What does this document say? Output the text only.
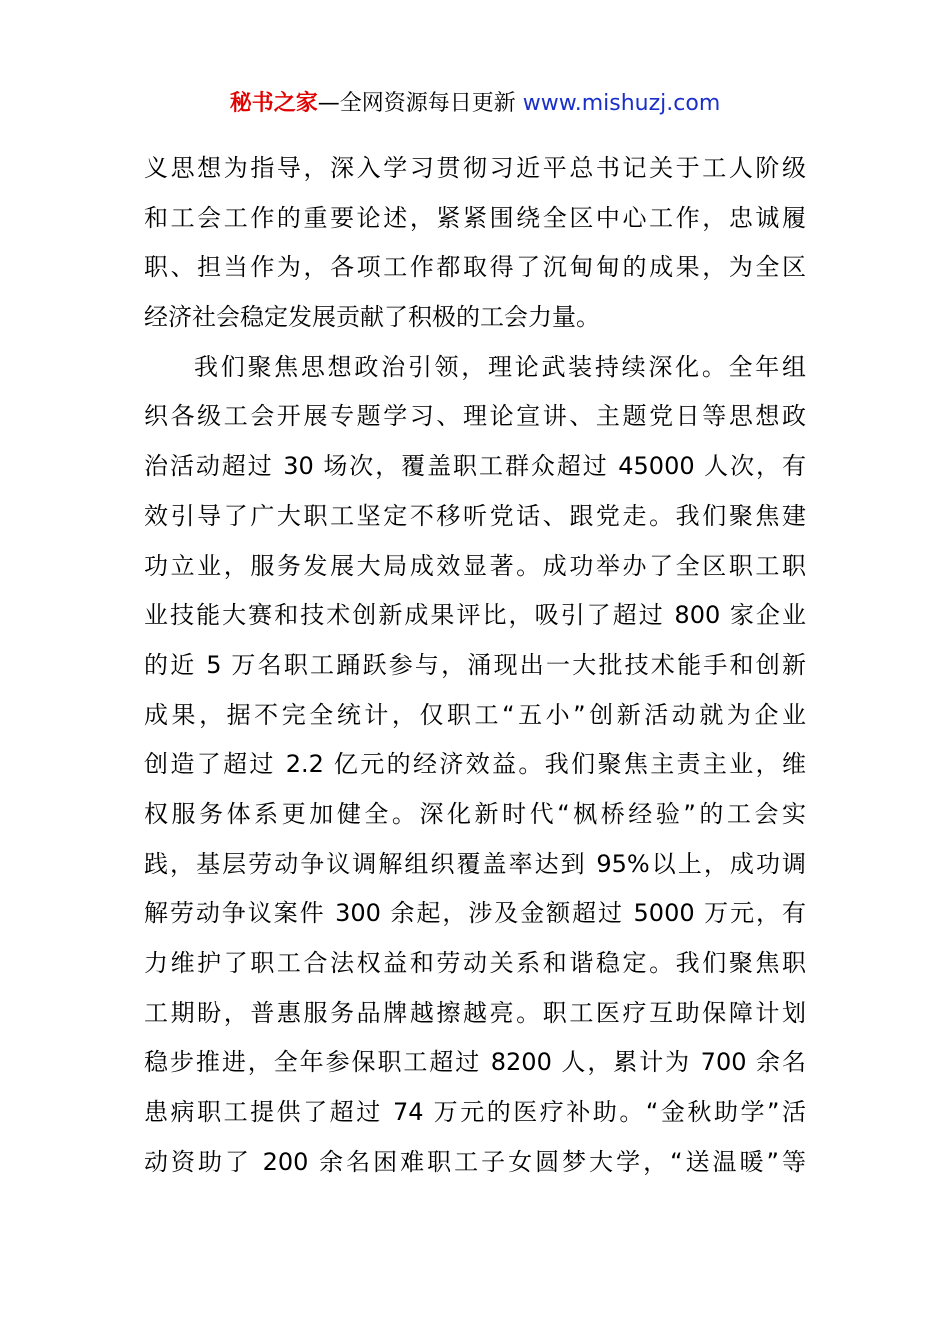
秘书之家—全网资源每日更新 www.mishuzj.com
义思想为指导，深入学习贯彻习近平总书记关于工人阶级
和工会工作的重要论述，紧紧围绕全区中心工作，忠诚履
职、担当作为，各项工作都取得了沉甸甸的成果，为全区
经济社会稳定发展贡献了积极的工会力量。
我们聚焦思想政治引领，理论武装持续深化。全年组
织各级工会开展专题学习、理论宣讲、主题党日等思想政
治活动超过 30 场次，覆盖职工群众超过 45000 人次，有
效引导了广大职工坚定不移听党话、跟党走。我们聚焦建
功立业，服务发展大局成效显著。成功举办了全区职工职
业技能大赛和技术创新成果评比，吸引了超过 800 家企业
的近 5 万名职工踊跃参与，涌现出一大批技术能手和创新
成果，据不完全统计，仅职工“五小”创新活动就为企业
创造了超过 2.2 亿元的经济效益。我们聚焦主责主业，维
权服务体系更加健全。深化新时代“枫桥经验”的工会实
践，基层劳动争议调解组织覆盖率达到 95%以上，成功调
解劳动争议案件 300 余起，涉及金额超过 5000 万元，有
力维护了职工合法权益和劳动关系和谐稳定。我们聚焦职
工期盼，普惠服务品牌越擦越亮。职工医疗互助保障计划
稳步推进，全年参保职工超过 8200 人，累计为 700 余名
患病职工提供了超过 74 万元的医疗补助。“金秋助学”活
动资助了 200 余名困难职工子女圆梦大学，“送温暖”等
